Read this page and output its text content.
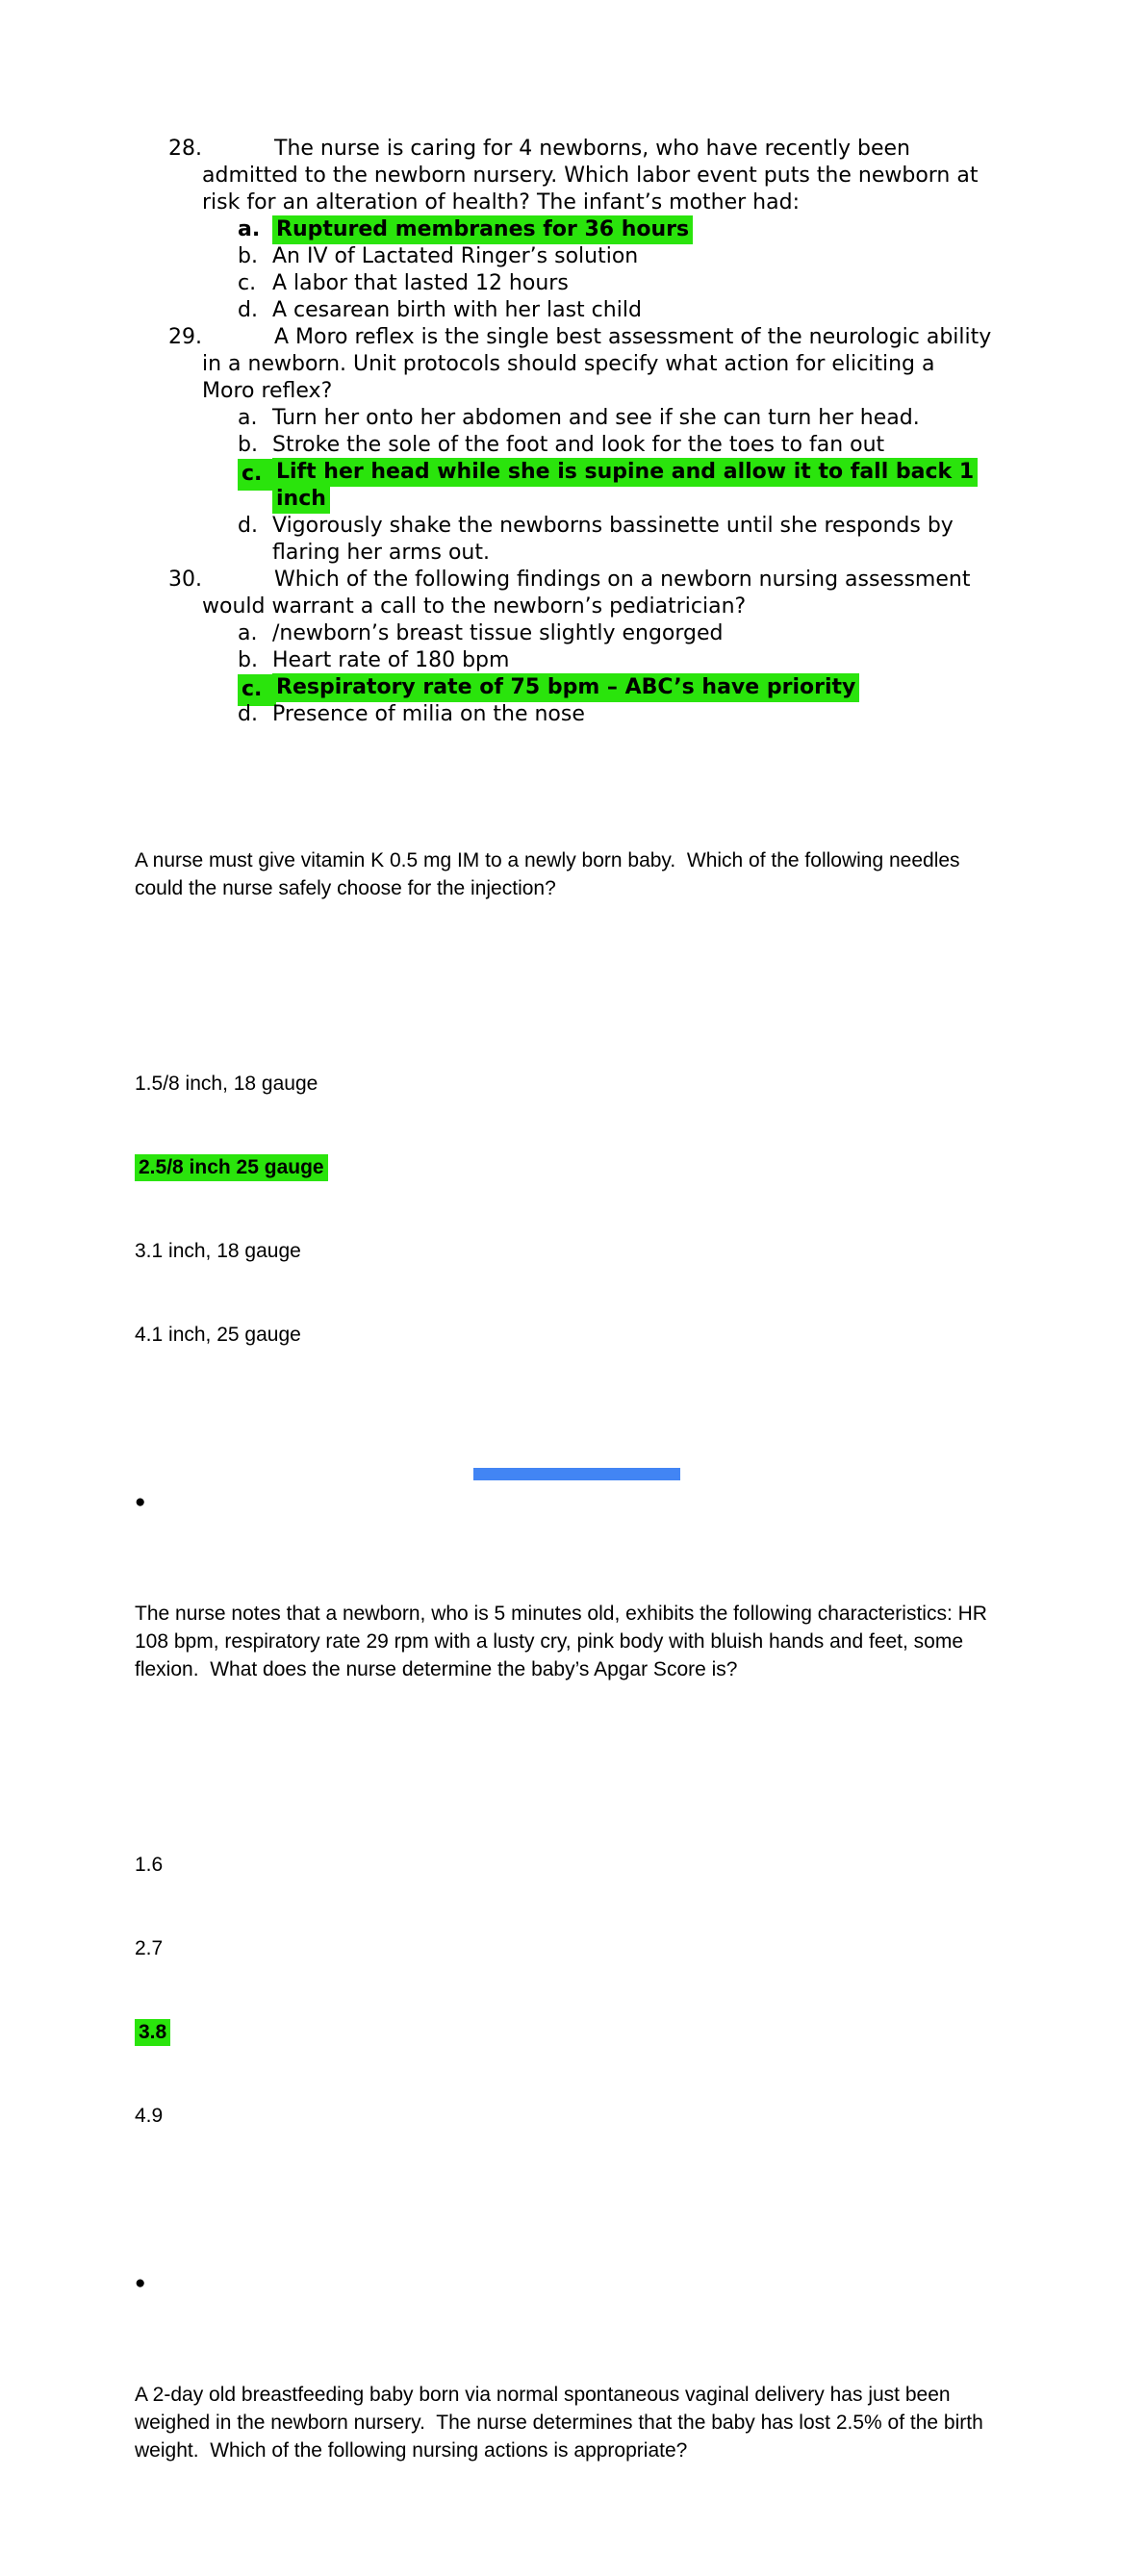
28.	The nurse is caring for 4 newborns, who have recently been
admitted to the newborn nursery. Which labor event puts the newborn at
risk for an alteration of health? The infant’s mother had:

a. Ruptured membranes for 36 hours
b. An IV of Lactated Ringer’s solution
c. A labor that lasted 12 hours
d. A cesarean birth with her last child
29.	A Moro reflex is the single best assessment of the neurologic ability
in a newborn. Unit protocols should specify what action for eliciting a
Moro reflex?

a. Turn her onto her abdomen and see if she can turn her head.
b. Stroke the sole of the foot and look for the toes to fan out
c. Lift her head while she is supine and allow it to fall back 1
inch
d. Vigorously shake the newborns bassinette until she responds by
flaring her arms out.
30.	Which of the following findings on a newborn nursing assessment
would warrant a call to the newborn’s pediatrician?

a. /newborn’s breast tissue slightly engorged
b. Heart rate of 180 bpm
c. Respiratory rate of 75 bpm – ABC’s have priority
d. Presence of milia on the nose

A nurse must give vitamin K 0.5 mg IM to a newly born baby.  Which of the following needles
could the nurse safely choose for the injection?

1.5/8 inch, 18 gauge

2.5/8 inch 25 gauge

3.1 inch, 18 gauge

4.1 inch, 25 gauge

●

The nurse notes that a newborn, who is 5 minutes old, exhibits the following characteristics: HR
108 bpm, respiratory rate 29 rpm with a lusty cry, pink body with bluish hands and feet, some
flexion.  What does the nurse determine the baby’s Apgar Score is?

1.6

2.7

3.8

4.9

●

A 2-day old breastfeeding baby born via normal spontaneous vaginal delivery has just been
weighed in the newborn nursery.  The nurse determines that the baby has lost 2.5% of the birth
weight.  Which of the following nursing actions is appropriate?
